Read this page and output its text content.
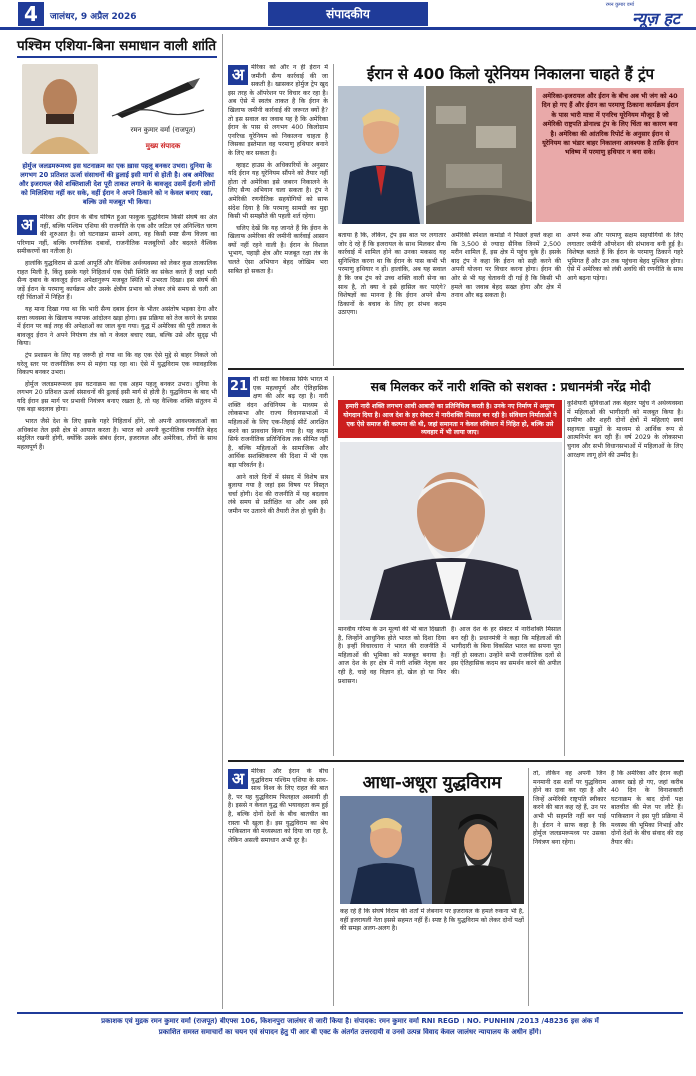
4	जालंधर, 9 अप्रैल 2026	संपादकीय
रमन कुमार वर्मा
न्यूज़ हट
पश्चिम एशिया-बिना समाधान वाली शांति
रमन कुमार वर्मा (राजपूत)
मुख्य संपादक
होर्मुज जलडमरूमध्य इस घटनाक्रम का एक ख़ास पहलू बनकर उभरा। दुनिया के लगभग 20 प्रतिशत ऊर्जा संसाधनों की ढुलाई इसी मार्ग से होती है। अब अमेरिका और इजरायल जैसे शक्तिशाली देश पूरी ताकत लगाने के बावजूद उसमें ईरानी लोगों को मिलिशिया नहीं कर सके, वहीं ईरान ने अपने ठिकाने को न केवल बनाए रखा, बल्कि उसे मजबूत भी किया।
अ	मेरिका और ईरान के बीच घोषित हुआ फाकुक युद्धविराम किसी संघर्ष का अंत नहीं, बल्कि पश्चिम एशिया की राजनीति के एक और जटिल एवं अनिश्चित चरण की शुरुआत है। जो घटनाक्रम सामने आया, वह किसी स्पष्ट सैन्य विजय का परिणाम नहीं, बल्कि रणनीतिक दबावों, राजनीतिक मजबूरियों और बदलते वैश्विक समीकरणों का नतीजा है।

हालांकि युद्धविराम से ऊर्जा आपूर्ति और वैश्विक अर्थव्यवस्था को लेकर कुछ तात्कालिक राहत मिली है, किंतु इसके गहरे निहितार्थ एक ऐसी स्थिति का संकेत करते हैं जहां भारी सैन्य दबाव के बावजूद ईरान अपेक्षानुरूप मजबूत स्थिति में उभरता दिखा। इस संघर्ष की जड़ें ईरान के परमाणु कार्यक्रम और उसके क्षेत्रीय प्रभाव को लेकर लंबे समय से चली आ रही चिंताओं में निहित हैं।

यह माना दिखा गया था कि भारी सैन्य दबाव ईरान के भीतर असंतोष भड़का देगा और सत्ता व्यवस्था के खिलाफ व्यापक आंदोलन खड़ा होगा। इस प्रक्रिया को तेज करने के प्रयास में ईरान पर कई तरह की अपेक्षाओं का जाल बुना गया। युद्ध में अमेरिका की पूरी ताकत के बावजूद ईरान ने अपने नियंत्रण तंत्र को न केवल बचाए रखा, बल्कि उसे और सुदृढ़ भी किया।

ट्रंप प्रशासन के लिए यह जरूरी हो गया था कि वह एक ऐसे मुद्दे से बाहर निकले जो घरेलू स्तर पर राजनीतिक रूप से महंगा पड़ रहा था। ऐसे में युद्धविराम एक व्यावहारिक विकल्प बनकर उभरा।

होर्मुज जलडमरूमध्य इस घटनाक्रम का एक अहम पहलू बनकर उभरा। दुनिया के लगभग 20 प्रतिशत ऊर्जा संसाधनों की ढुलाई इसी मार्ग से होती है। युद्धविराम के बाद भी यदि ईरान इस मार्ग पर प्रभावी नियंत्रण बनाए रखता है, तो यह वैश्विक शक्ति संतुलन में एक बड़ा बदलाव होगा।

भारत जैसे देश के लिए इसके गहरे निहितार्थ होंगे, जो अपनी आवश्यकताओं का अधिकांश तेल इसी क्षेत्र से आयात करता है। भारत को अपनी कूटनीतिक रणनीति बेहद संतुलित रखनी होगी, क्योंकि उसके संबंध ईरान, इजरायल और अमेरिका, तीनों के साथ महत्वपूर्ण हैं।

अ	मेरिका को और न ही ईरान में जमीनी सैन्य कार्रवाई की जा सकती है। खासकर होर्मुज ट्रेप खुद इस तरह के ऑपरेशन पर विचार कर रहा है। अब ऐसे में स्वतंत्र ताकत है कि ईरान के खिलाफ जमीनी कार्रवाई की जरूरत क्यों है? तो इस सवाल का जवाब यह है कि अमेरिका ईरान के पास से लगभग 400 किलोग्राम एनरिच्ड यूरेनियम को निकालना चाहता है जिसका इस्तेमाल वह परमाणु हथियार बनाने के लिए कर सकता है।

व्हाइट हाउस के अधिकारियों के अनुसार यदि ईरान यह यूरेनियम सौंपने को तैयार नहीं होता तो अमेरिका इसे जबरन निकालने के लिए सैन्य अभियान चला सकता है। ट्रंप ने अमेरिकी रणनीतिक सहयोगियों को साफ संदेश दिया है कि परमाणु सामग्री का मुद्दा किसी भी समझौते की पहली शर्त रहेगा।

चलिए देखें कि यह जानते हैं कि ईरान के खिलाफ अमेरिका की जमीनी कार्रवाई आसान क्यों नहीं रहने वाली है। ईरान के विशाल भूभाग, पहाड़ी क्षेत्र और मजबूत रक्षा तंत्र के चलते ऐसा अभियान बेहद जोखिम भरा साबित हो सकता है।

ईरान से 400 किलो यूरेनियम निकालना चाहते हैं ट्रंप
अमेरिका-इजरायल और ईरान के बीच अब भी जंग को 40 दिन हो गए हैं और ईरान का परमाणु ठिकाना कार्यक्रम ईरान के पास भारी मात्रा में एनरिच यूरेनियम मौजूद है जो अमेरिकी राष्ट्रपति डोनाल्ड ट्रंप के लिए चिंता का कारण बना है। अमेरिका की आंतरिक रिपोर्ट के अनुसार ईरान से यूरेनियम का भंडार बाहर निकालना आवश्यक है ताकि ईरान भविष्य में परमाणु हथियार न बना सके।
बताया है कि, लेकिन, ट्रंप इस बात पर लगातार जोर दे रहे हैं कि इजरायल के साथ मिलकर सैन्य कार्रवाई में शामिल होने का उनका मकसद यह सुनिश्चित करना था कि ईरान के पास कभी भी परमाणु हथियार न हों। हालांकि, अब यह सवाल है कि जब ट्रंप को उच्च शक्ति वाली सेना का साथ है, तो क्या वे इसे हासिल कर पाएंगे? विशेषज्ञों का मानना है कि ईरान अपने सैन्य ठिकानों के बचाव के लिए हर संभव कदम उठाएगा।
अमेरिकी स्पेशल कमांडो ने पिछले हफ्ते कहा था कि 3,500 से ज्यादा सैनिक जिनमें 2,500 मरीन शामिल हैं, इस क्षेत्र में पहुंच चुके हैं। इसके बाद ट्रंप ने कहा कि ईरान को सही करने की अपनी योजना पर विचार करना होगा। ईरान की ओर से भी यह चेतावनी दी गई है कि किसी भी हमले का जवाब बेहद सख्त होगा और क्षेत्र में तनाव और बढ़ सकता है।
अपने रूस और परमाणु सक्षम सहयोगियों के लिए लगातार जमीनी ऑपरेशन की संभावना बनी हुई है। विशेषज्ञ बताते हैं कि ईरान के परमाणु ठिकाने गहरे भूमिगत हैं और उन तक पहुंचना बेहद मुश्किल होगा। ऐसे में अमेरिका को लंबी अवधि की रणनीति के साथ आगे बढ़ना पड़ेगा।
21 वीं सदी का विकास सिर्फ भारत में एक महत्वपूर्ण और ऐतिहासिक क्षण की ओर बढ़ रहा है। नारी शक्ति वंदन अधिनियम के माध्यम से लोकसभा और राज्य विधानसभाओं में महिलाओं के लिए एक-तिहाई सीटें आरक्षित करने का प्रावधान किया गया है। यह कदम सिर्फ राजनीतिक प्रतिनिधित्व तक सीमित नहीं है, बल्कि महिलाओं के सामाजिक और आर्थिक सशक्तिकरण की दिशा में भी एक बड़ा परिवर्तन है।

आने वाले दिनों में संसद में विशेष सत्र बुलाया गया है जहां इस विषय पर विस्तृत चर्चा होगी। देश की राजनीति में यह बदलाव लंबे समय से प्रतीक्षित था और अब इसे जमीन पर उतारने की तैयारी तेज हो चुकी है।

सब मिलकर करें नारी शक्ति को सशक्त : प्रधानमंत्री नरेंद्र मोदी
हमारी नारी शक्ति लगभग आधी आबादी का प्रतिनिधित्व करती है। उनके नए निर्माण में अमूल्य योगदान दिया है। आज देश के हर सेक्टर में नारीशक्ति मिसाल बन रही है। संविधान निर्माताओं ने एक ऐसे समाज की कल्पना की थी, जहां समानता न केवल संविधान में निहित हो, बल्कि उसे व्यवहार में भी लाया जाए।
मानवीय गरिमा के उन मूल्यों की भी बात दिखाती है, जिन्होंने आधुनिक होते भारत को दिशा दिया है। इन्हीं विचारधारा ने भारत की राजनीति में महिलाओं की भूमिका को मजबूत बनाया है। आज देश के हर क्षेत्र में नारी शक्ति नेतृत्व कर रही है, चाहे वह विज्ञान हो, खेल हो या फिर प्रशासन।
है। आज देश के हर सेक्टर में नारीशक्ति मिसाल बन रही है। प्रधानमंत्री ने कहा कि महिलाओं की भागीदारी के बिना विकसित भारत का सपना पूरा नहीं हो सकता। उन्होंने सभी राजनीतिक दलों से इस ऐतिहासिक कदम का समर्थन करने की अपील की।
कुशियारी सुविधाओं तक बेहतर पहुंच ने अर्थव्यवस्था में महिलाओं की भागीदारी को मजबूत किया है। ग्रामीण और शहरी दोनों क्षेत्रों में महिलाएं स्वयं सहायता समूहों के माध्यम से आर्थिक रूप से आत्मनिर्भर बन रही हैं। वर्ष 2029 के लोकसभा चुनाव और सभी विधानसभाओं में महिलाओं के लिए आरक्षण लागू होने की उम्मीद है।
अ	मेरिका और ईरान के बीच युद्धविराम पश्चिम एशिया के साथ-साथ विश्व के लिए राहत की बात है, पर यह युद्धविराम फिलहाल अस्थायी ही है। इससे न केवल युद्ध की भयावहता कम हुई है, बल्कि दोनों देशों के बीच बातचीत का रास्ता भी खुला है। इस युद्धविराम का श्रेय पाकिस्तान की मध्यस्थता को दिया जा रहा है, लेकिन असली समाधान अभी दूर है।

आधा-अधूरा युद्धविराम
कह रहे हैं कि संघर्ष विराम की शर्तों में लेबनान पर इजरायल के हमले रुकना भी है, वहीं इजरायली नेता इससे सहमत नहीं हैं। स्पष्ट है कि युद्धविराम को लेकर दोनों पक्षों की समझ अलग-अलग है।
तो, लेकिन वह अपनी जिन मनमानी दस शर्तों पर युद्धविराम होने का दावा कर रहा है और जिन्हें अमेरिकी राष्ट्रपति स्वीकार करने की बात कह रहे हैं, उन पर अभी भी सहमति नहीं बन पाई है। ईरान ने साफ कहा है कि होर्मुज जलडमरूमध्य पर उसका नियंत्रण बना रहेगा।
है कि अमेरिका और ईरान कहीं आकर खड़े हो गए, जहां करीब 40 दिन के विनाशकारी घटनाक्रम के बाद दोनों पक्ष बातचीत की मेज पर लौटे हैं। पाकिस्तान ने इस पूरी प्रक्रिया में मध्यस्थ की भूमिका निभाई और दोनों देशों के बीच संवाद की राह तैयार की।
प्रकाशक एवं मुद्रक रमन कुमार वर्मा (राजपूत) बीएफ्स 106, किशनपुरा जालंधर से जारी किया है। संपादक: रमन कुमार वर्मा RNI REGD । NO. PUNHIN /2013 /48236 इस अंक में
प्रकाशित समस्त समाचारों का चयन एवं संपादन हेतु पी आर बी एक्ट के अंतर्गत उत्तरदायी व उनसे उत्पन्न विवाद केवल जालंधर न्यायालय के अधीन होंगे।
